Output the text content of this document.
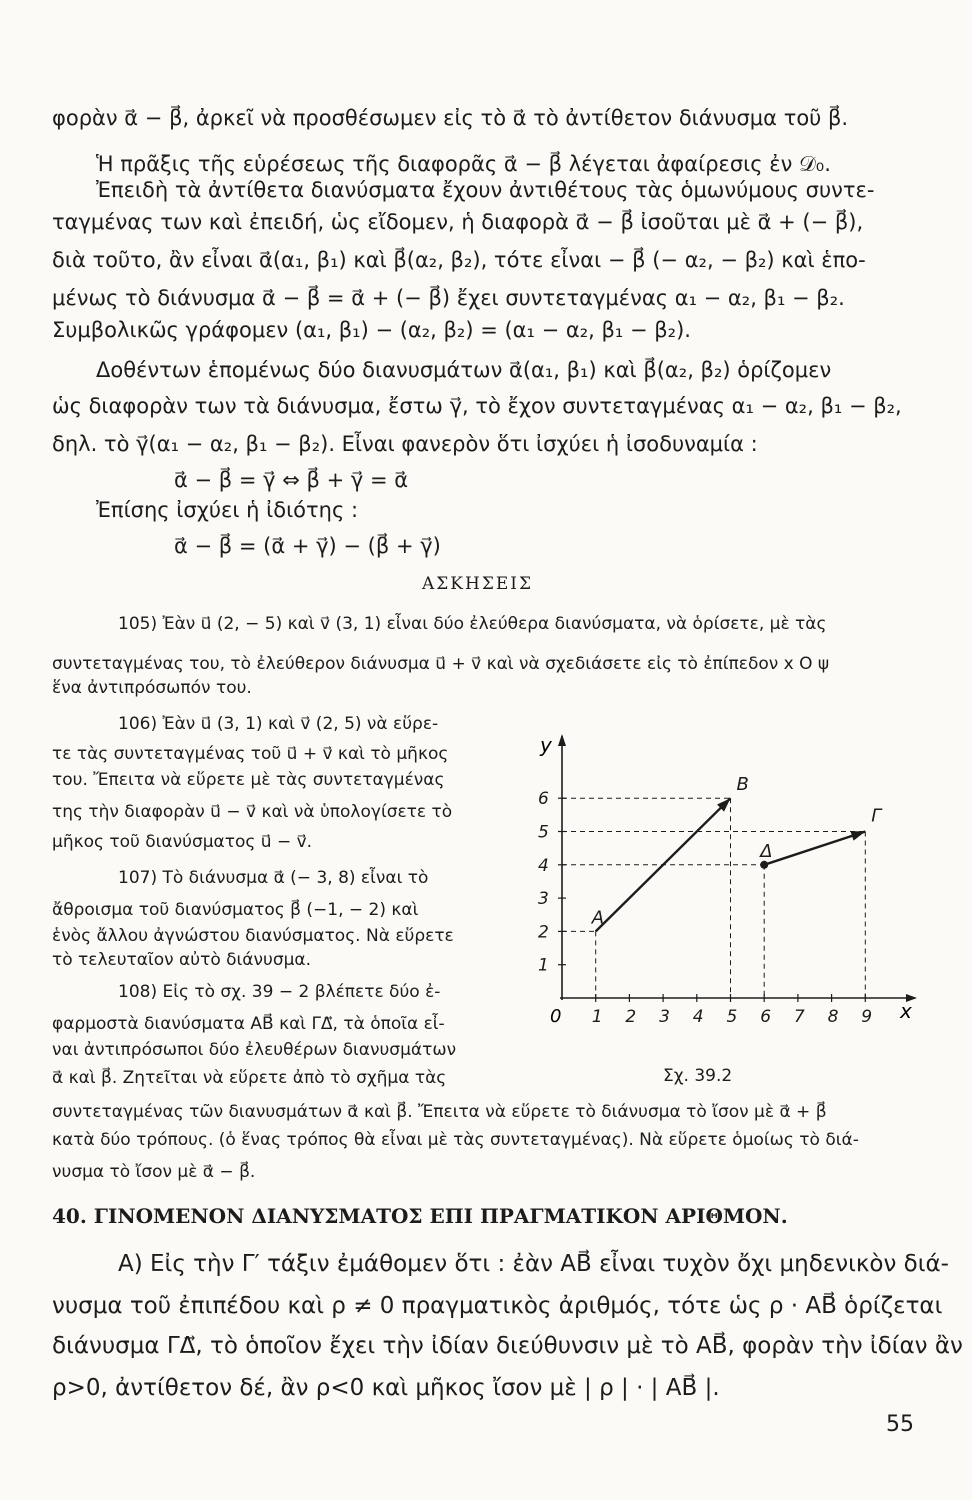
φορὰν α⃗ − β⃗, ἀρκεῖ νὰ προσθέσωμεν εἰς τὸ α⃗ τὸ ἀντίθετον διάνυσμα τοῦ β⃗.
Ἡ πρᾶξις τῆς εὑρέσεως τῆς διαφορᾶς α⃗ − β⃗ λέγεται ἀφαίρεσις ἐν 𝒟₀.
Ἐπειδὴ τὰ ἀντίθετα διανύσματα ἔχουν ἀντιθέτους τὰς ὁμωνύμους συντε-
ταγμένας των καὶ ἐπειδή, ὡς εἴδομεν, ἡ διαφορὰ α⃗ − β⃗ ἰσοῦται μὲ α⃗ + (− β⃗),
διὰ τοῦτο, ἂν εἶναι α⃗(α₁, β₁) καὶ β⃗(α₂, β₂), τότε εἶναι − β⃗ (− α₂, − β₂) καὶ ἑπο-
μένως τὸ διάνυσμα α⃗ − β⃗ = α⃗ + (− β⃗) ἔχει συντεταγμένας α₁ − α₂, β₁ − β₂.
Συμβολικῶς γράφομεν (α₁, β₁) − (α₂, β₂) = (α₁ − α₂, β₁ − β₂).
Δοθέντων ἑπομένως δύο διανυσμάτων α⃗(α₁, β₁) καὶ β⃗(α₂, β₂) ὁρίζομεν
ὡς διαφορὰν των τὰ διάνυσμα, ἔστω γ⃗, τὸ ἔχον συντεταγμένας α₁ − α₂, β₁ − β₂,
δηλ. τὸ γ⃗(α₁ − α₂, β₁ − β₂). Εἶναι φανερὸν ὅτι ἰσχύει ἡ ἰσοδυναμία :
α⃗ − β⃗ = γ⃗ ⇔ β⃗ + γ⃗ = α⃗
Ἐπίσης ἰσχύει ἡ ἰδιότης :
α⃗ − β⃗ = (α⃗ + γ⃗) − (β⃗ + γ⃗)
ΑΣΚΗΣΕΙΣ
105) Ἐὰν u⃗ (2, − 5) καὶ v⃗ (3, 1) εἶναι δύο ἐλεύθερα διανύσματα, νὰ ὁρίσετε, μὲ τὰς
συντεταγμένας του, τὸ ἐλεύθερον διάνυσμα u⃗ + v⃗ καὶ νὰ σχεδιάσετε εἰς τὸ ἐπίπεδον x O ψ
ἕνα ἀντιπρόσωπόν του.
106) Ἐὰν u⃗ (3, 1) καὶ v⃗ (2, 5) νὰ εὕρε-
τε τὰς συντεταγμένας τοῦ u⃗ + v⃗ καὶ τὸ μῆκος
του. Ἔπειτα νὰ εὕρετε μὲ τὰς συντεταγμένας
της τὴν διαφορὰν u⃗ − v⃗ καὶ νὰ ὑπολογίσετε τὸ
μῆκος τοῦ διανύσματος u⃗ − v⃗.
107) Τὸ διάνυσμα α⃗ (− 3, 8) εἶναι τὸ
ἄθροισμα τοῦ διανύσματος β⃗ (−1, − 2) καὶ
ἑνὸς ἄλλου ἀγνώστου διανύσματος. Νὰ εὕρετε
τὸ τελευταῖον αὐτὸ διάνυσμα.
108) Εἰς τὸ σχ. 39 − 2 βλέπετε δύο ἐ-
φαρμοστὰ διανύσματα AB⃗ καὶ ΓΔ⃗, τὰ ὁποῖα εἶ-
ναι ἀντιπρόσωποι δύο ἐλευθέρων διανυσμάτων
α⃗ καὶ β⃗. Ζητεῖται νὰ εὕρετε ἀπὸ τὸ σχῆμα τὰς
συντεταγμένας τῶν διανυσμάτων α⃗ καὶ β⃗. Ἔπειτα νὰ εὕρετε τὸ διάνυσμα τὸ ἴσον μὲ α⃗ + β⃗
κατὰ δύο τρόπους. (ὁ ἕνας τρόπος θὰ εἶναι μὲ τὰς συντεταγμένας). Νὰ εὕρετε ὁμοίως τὸ διά-
νυσμα τὸ ἴσον μὲ α⃗ − β⃗.
y
x
0 1 2 3 4 5 6 7 8 9
1
2
3
4
5
6
A
B
Γ
Δ
Σχ. 39.2
40. ΓΙΝΟΜΕΝΟΝ ΔΙΑΝΥΣΜΑΤΟΣ ΕΠΙ ΠΡΑΓΜΑΤΙΚΟΝ ΑΡΙΘΜΟΝ.
Α) Εἰς τὴν Γ′ τάξιν ἐμάθομεν ὅτι : ἐὰν AB⃗ εἶναι τυχὸν ὄχι μηδενικὸν διά-
νυσμα τοῦ ἐπιπέδου καὶ ρ ≠ 0 πραγματικὸς ἀριθμός, τότε ὡς ρ · AB⃗ ὁρίζεται
διάνυσμα ΓΔ⃗, τὸ ὁποῖον ἔχει τὴν ἰδίαν διεύθυνσιν μὲ τὸ AB⃗, φορὰν τὴν ἰδίαν ἂν
ρ>0, ἀντίθετον δέ, ἂν ρ<0 καὶ μῆκος ἴσον μὲ | ρ | · | AB⃗ |.
55
